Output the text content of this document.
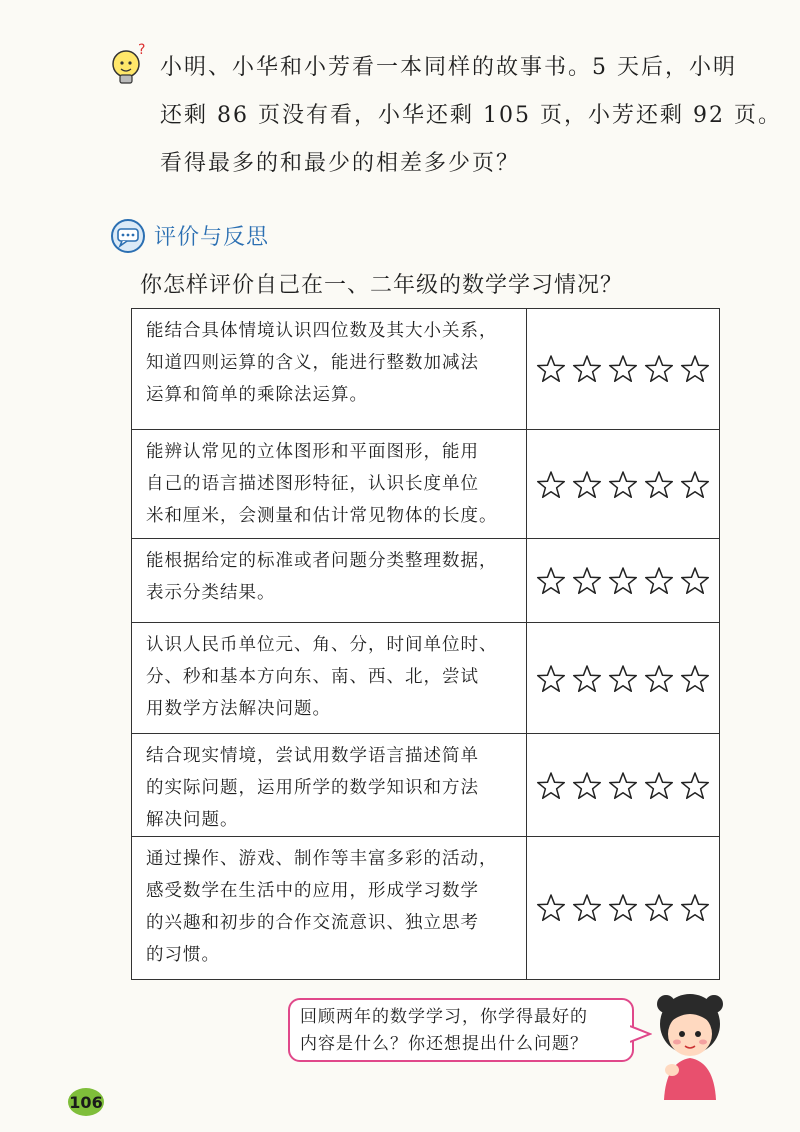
?
小明、小华和小芳看一本同样的故事书。5 天后，小明
还剩 86 页没有看，小华还剩 105 页，小芳还剩 92 页。
看得最多的和最少的相差多少页？
评价与反思
你怎样评价自己在一、二年级的数学学习情况？
能结合具体情境认识四位数及其大小关系，
知道四则运算的含义，能进行整数加减法
运算和简单的乘除法运算。
能辨认常见的立体图形和平面图形，能用
自己的语言描述图形特征，认识长度单位
米和厘米，会测量和估计常见物体的长度。
能根据给定的标准或者问题分类整理数据，
表示分类结果。
认识人民币单位元、角、分，时间单位时、
分、秒和基本方向东、南、西、北，尝试
用数学方法解决问题。
结合现实情境，尝试用数学语言描述简单
的实际问题，运用所学的数学知识和方法
解决问题。
通过操作、游戏、制作等丰富多彩的活动，
感受数学在生活中的应用，形成学习数学
的兴趣和初步的合作交流意识、独立思考
的习惯。
回顾两年的数学学习，你学得最好的
内容是什么？你还想提出什么问题？
106
